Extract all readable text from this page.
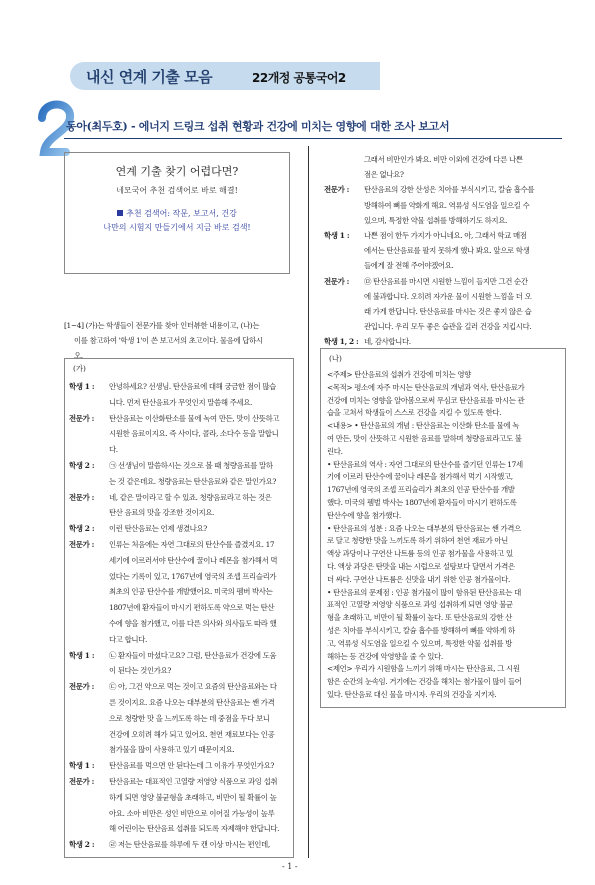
내신 연계 기출 모음	22개정 공통국어2
동아(최두호) - 에너지 드링크 섭취 현황과 건강에 미치는 영향에 대한 조사 보고서
연계 기출 찾기 어렵다면?
네모국어 추천 검색어로 바로 해결!
추천 검색어: 작문, 보고서, 건강
나만의 시험지 만들기에서 지금 바로 검색!
[1~4] (가)는 학생들이 전문가를 찾아 인터뷰한 내용이고, (나)는
이를 참고하여 '학생 1'이 쓴 보고서의 초고이다. 물음에 답하시
오.
(가)
학생 1 : 안녕하세요? 선생님. 탄산음료에 대해 궁금한 점이 많습
니다. 먼저 탄산음료가 무엇인지 말씀해 주세요.
전문가 : 탄산음료는 이산화탄소를 물에 녹여 만든, 맛이 산뜻하고
시원한 음료이지요. 즉 사이다, 콜라, 소다수 등을 말합니
다.
학생 2 : ㉠ 선생님이 말씀하시는 것으로 볼 때 청량음료를 말하
는 것 같은데요. 청량음료는 탄산음료와 같은 말인가요?
전문가 : 네, 같은 말이라고 할 수 있죠. 청량음료라고 하는 것은
탄산 음료의 맛을 강조한 것이지요.
학생 2 : 이런 탄산음료는 언제 생겼나요?
전문가 : 인류는 처음에는 자연 그대로의 탄산수를 즐겼지요. 17
세기에 이르러서야 탄산수에 꿀이나 레몬을 첨가해서 먹
었다는 기록이 있고, 1767년에 영국의 조셉 프리슬리가
최초의 인공 탄산수를 개발했어요. 미국의 펨버 박사는
1807년에 환자들이 마시기 편하도록 약으로 먹는 탄산
수에 향을 첨가했고, 이를 다른 의사와 의사들도 따라 했
다고 합니다.
학생 1 : ㉡ 환자들이 마셨다고요? 그럼, 탄산음료가 건강에 도움
이 된다는 것인가요?
전문가 : ㉢ 아, 그건 약으로 먹는 것이고 요즘의 탄산음료와는 다
른 것이지요. 요즘 나오는 대부분의 탄산음료는 쌘 가격
으로 청량한 맛 을 느끼도록 하는 데 중점을 두다 보니
건강에 오히려 해가 되고 있어요. 천연 재료보다는 인공
첨가물을 많이 사용하고 있기 때문이지요.
학생 1 : 탄산음료를 먹으면 안 된다는데 그 이유가 무엇인가요?
전문가 : 탄산음료는 대표적인 고열량 저영양 식품으로 과잉 섭취
하게 되면 영양 불균형을 초래하고, 비만이 될 확률이 높
아요. 소아 비만은 성인 비만으로 이어질 가능성이 높루
해 어린이는 탄산음료 섭취를 되도록 자제해야 한답니다.
학생 2 : ㉣ 저는 탄산음료를 하루에 두 캔 이상 마시는 편인데,
그래서 비만인가 봐요. 비만 이외에 건강에 다른 나쁜
점은 없나요?
전문가 : 탄산음료의 강한 산성은 치아를 부식시키고, 칼슘 흡수를
방해하여 뼈를 약화게 해요. 역류성 식도염을 일으킬 수
있으며, 특정한 약물 섭취를 방해하기도 하지요.
학생 1 : 나쁜 점이 한두 가지가 아니네요. 아, 그래서 학교 매점
에서는 탄산음료를 팔지 못하게 했나 봐요. 앞으로 학생
들에게 잘 전해 주어야겠어요.
전문가 : ㉤ 탄산음료를 마시면 시원한 느낌이 들지만 그건 순간
에 불과합니다. 오히려 자가운 물이 시원한 느낌을 더 오
래 가게 한답니다. 탄산음료를 마시는 것은 좋지 않은 습
관입니다. 우리 모두 좋은 습관을 길러 건강을 지킵시다.
학생 1, 2 : 네, 감사합니다.
(나)
<주제> 탄산음료의 섭취가 건강에 미치는 영향
<목적> 평소에 자주 마시는 탄산음료의 개념과 역사, 탄산음료가
건강에 미치는 영향을 알아봄으로써 무심코 탄산음료를 마시는 관
습을 고쳐서 학생들이 스스로 건강을 지킬 수 있도록 한다.
<내용> • 탄산음료의 개념 : 탄산음료는 이산화 탄소를 물에 녹
여 만든, 맛이 산뜻하고 시원한 음료를 말하며 청량음료라고도 불
린다.
• 탄산음료의 역사 : 자연 그대로의 탄산수를 즐기던 인류는 17세
기에 이르러 탄산수에 꿀이나 레몬을 첨가해서 먹기 시작했고,
1767년에 영국의 조셉 프리슬리가 최초의 인공 탄산수를 개발
했다. 미국의 펨벌 박사는 1807년에 환자들이 마시기 편하도록
탄산수에 향을 첨가했다.
• 탄산음료의 성분 : 요즘 나오는 대부분의 탄산음료는 쌘 가격으
로 달고 청량한 맛을 느끼도록 하기 위하여 천연 재료가 아닌
액상 과당이나 구연산 나트륨 등의 인공 첨가물을 사용하고 있
다. 액상 과당은 탄맛을 내는 시럽으로 설탕보다 달면서 가격은
더 싸다. 구연산 나트륨은 신맛을 내기 위한 인공 첨가물이다.
• 탄산음료의 문제점 : 인공 첨가물이 많이 함유된 탄산음료는 대
표적인 고열량 저영양 식품으로 과잉 섭취하게 되면 영양 불균
형을 초래하고, 비만이 될 확률이 높다. 또 탄산음료의 강한 산
성은 치아를 부식시키고, 칼슘 흡수를 방해하여 뼈를 약하게 하
고, 역류성 식도염을 일으킬 수 있으며, 특정한 약물 섭취를 방
해하는 등 건강에 악영향을 줄 수 있다.
<제언> 우리가 시원함을 느끼기 위해 마시는 탄산음료, 그 시원
함은 순간의 눈속임. 거기에는 건강을 해치는 첨가물이 많이 들어
있다. 탄산음료 대신 물을 마시자. 우리의 건강을 지키자.
- 1 -
